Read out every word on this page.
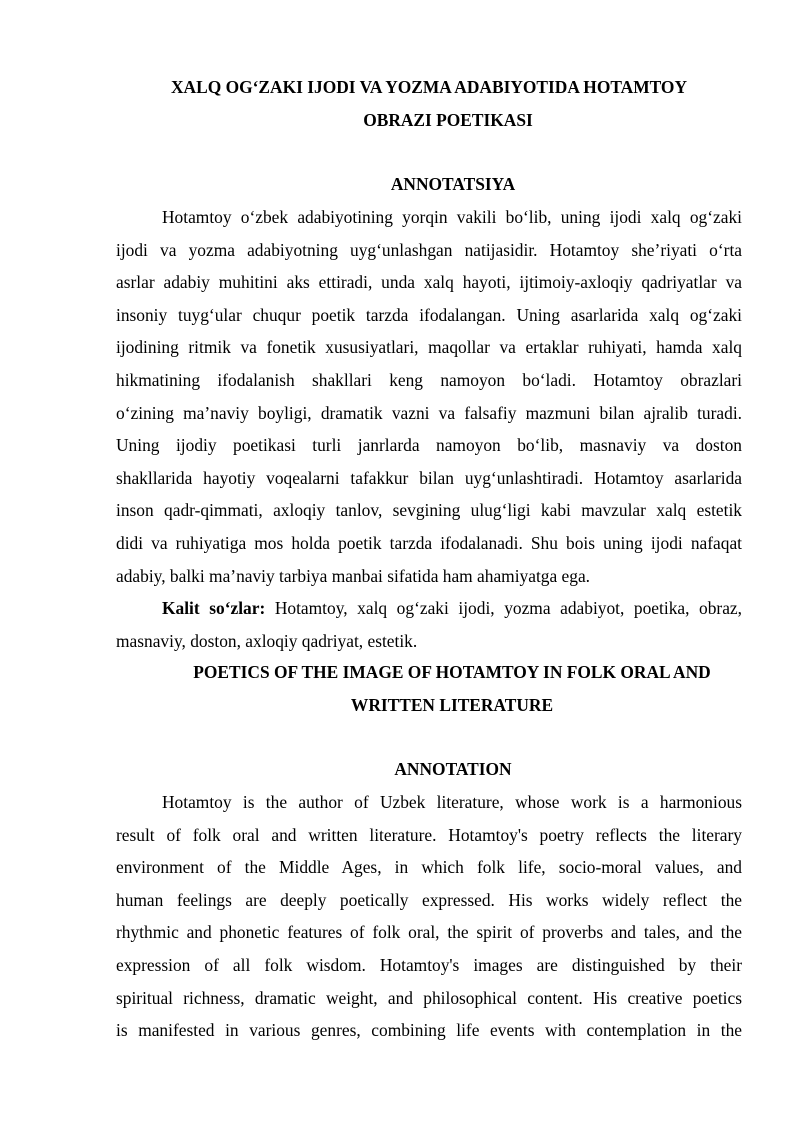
XALQ OG‘ZAKI IJODI VA YOZMA ADABIYOTIDA HOTAMTOY
OBRAZI POETIKASI
ANNOTATSIYA
Hotamtoy o‘zbek adabiyotining yorqin vakili bo‘lib, uning ijodi xalq og‘zaki
ijodi va yozma adabiyotning uyg‘unlashgan natijasidir. Hotamtoy she’riyati o‘rta
asrlar adabiy muhitini aks ettiradi, unda xalq hayoti, ijtimoiy-axloqiy qadriyatlar va
insoniy tuyg‘ular chuqur poetik tarzda ifodalangan. Uning asarlarida xalq og‘zaki
ijodining ritmik va fonetik xususiyatlari, maqollar va ertaklar ruhiyati, hamda xalq
hikmatining ifodalanish shakllari keng namoyon bo‘ladi. Hotamtoy obrazlari
o‘zining ma’naviy boyligi, dramatik vazni va falsafiy mazmuni bilan ajralib turadi.
Uning ijodiy poetikasi turli janrlarda namoyon bo‘lib, masnaviy va doston
shakllarida hayotiy voqealarni tafakkur bilan uyg‘unlashtiradi. Hotamtoy asarlarida
inson qadr-qimmati, axloqiy tanlov, sevgining ulug‘ligi kabi mavzular xalq estetik
didi va ruhiyatiga mos holda poetik tarzda ifodalanadi. Shu bois uning ijodi nafaqat
adabiy, balki ma’naviy tarbiya manbai sifatida ham ahamiyatga ega.
Kalit so‘zlar: Hotamtoy, xalq og‘zaki ijodi, yozma adabiyot, poetika, obraz,
masnaviy, doston, axloqiy qadriyat, estetik.
POETICS OF THE IMAGE OF HOTAMTOY IN FOLK ORAL AND
WRITTEN LITERATURE
ANNOTATION
Hotamtoy is the author of Uzbek literature, whose work is a harmonious
result of folk oral and written literature. Hotamtoy's poetry reflects the literary
environment of the Middle Ages, in which folk life, socio-moral values, and
human feelings are deeply poetically expressed. His works widely reflect the
rhythmic and phonetic features of folk oral, the spirit of proverbs and tales, and the
expression of all folk wisdom. Hotamtoy's images are distinguished by their
spiritual richness, dramatic weight, and philosophical content. His creative poetics
is manifested in various genres, combining life events with contemplation in the
